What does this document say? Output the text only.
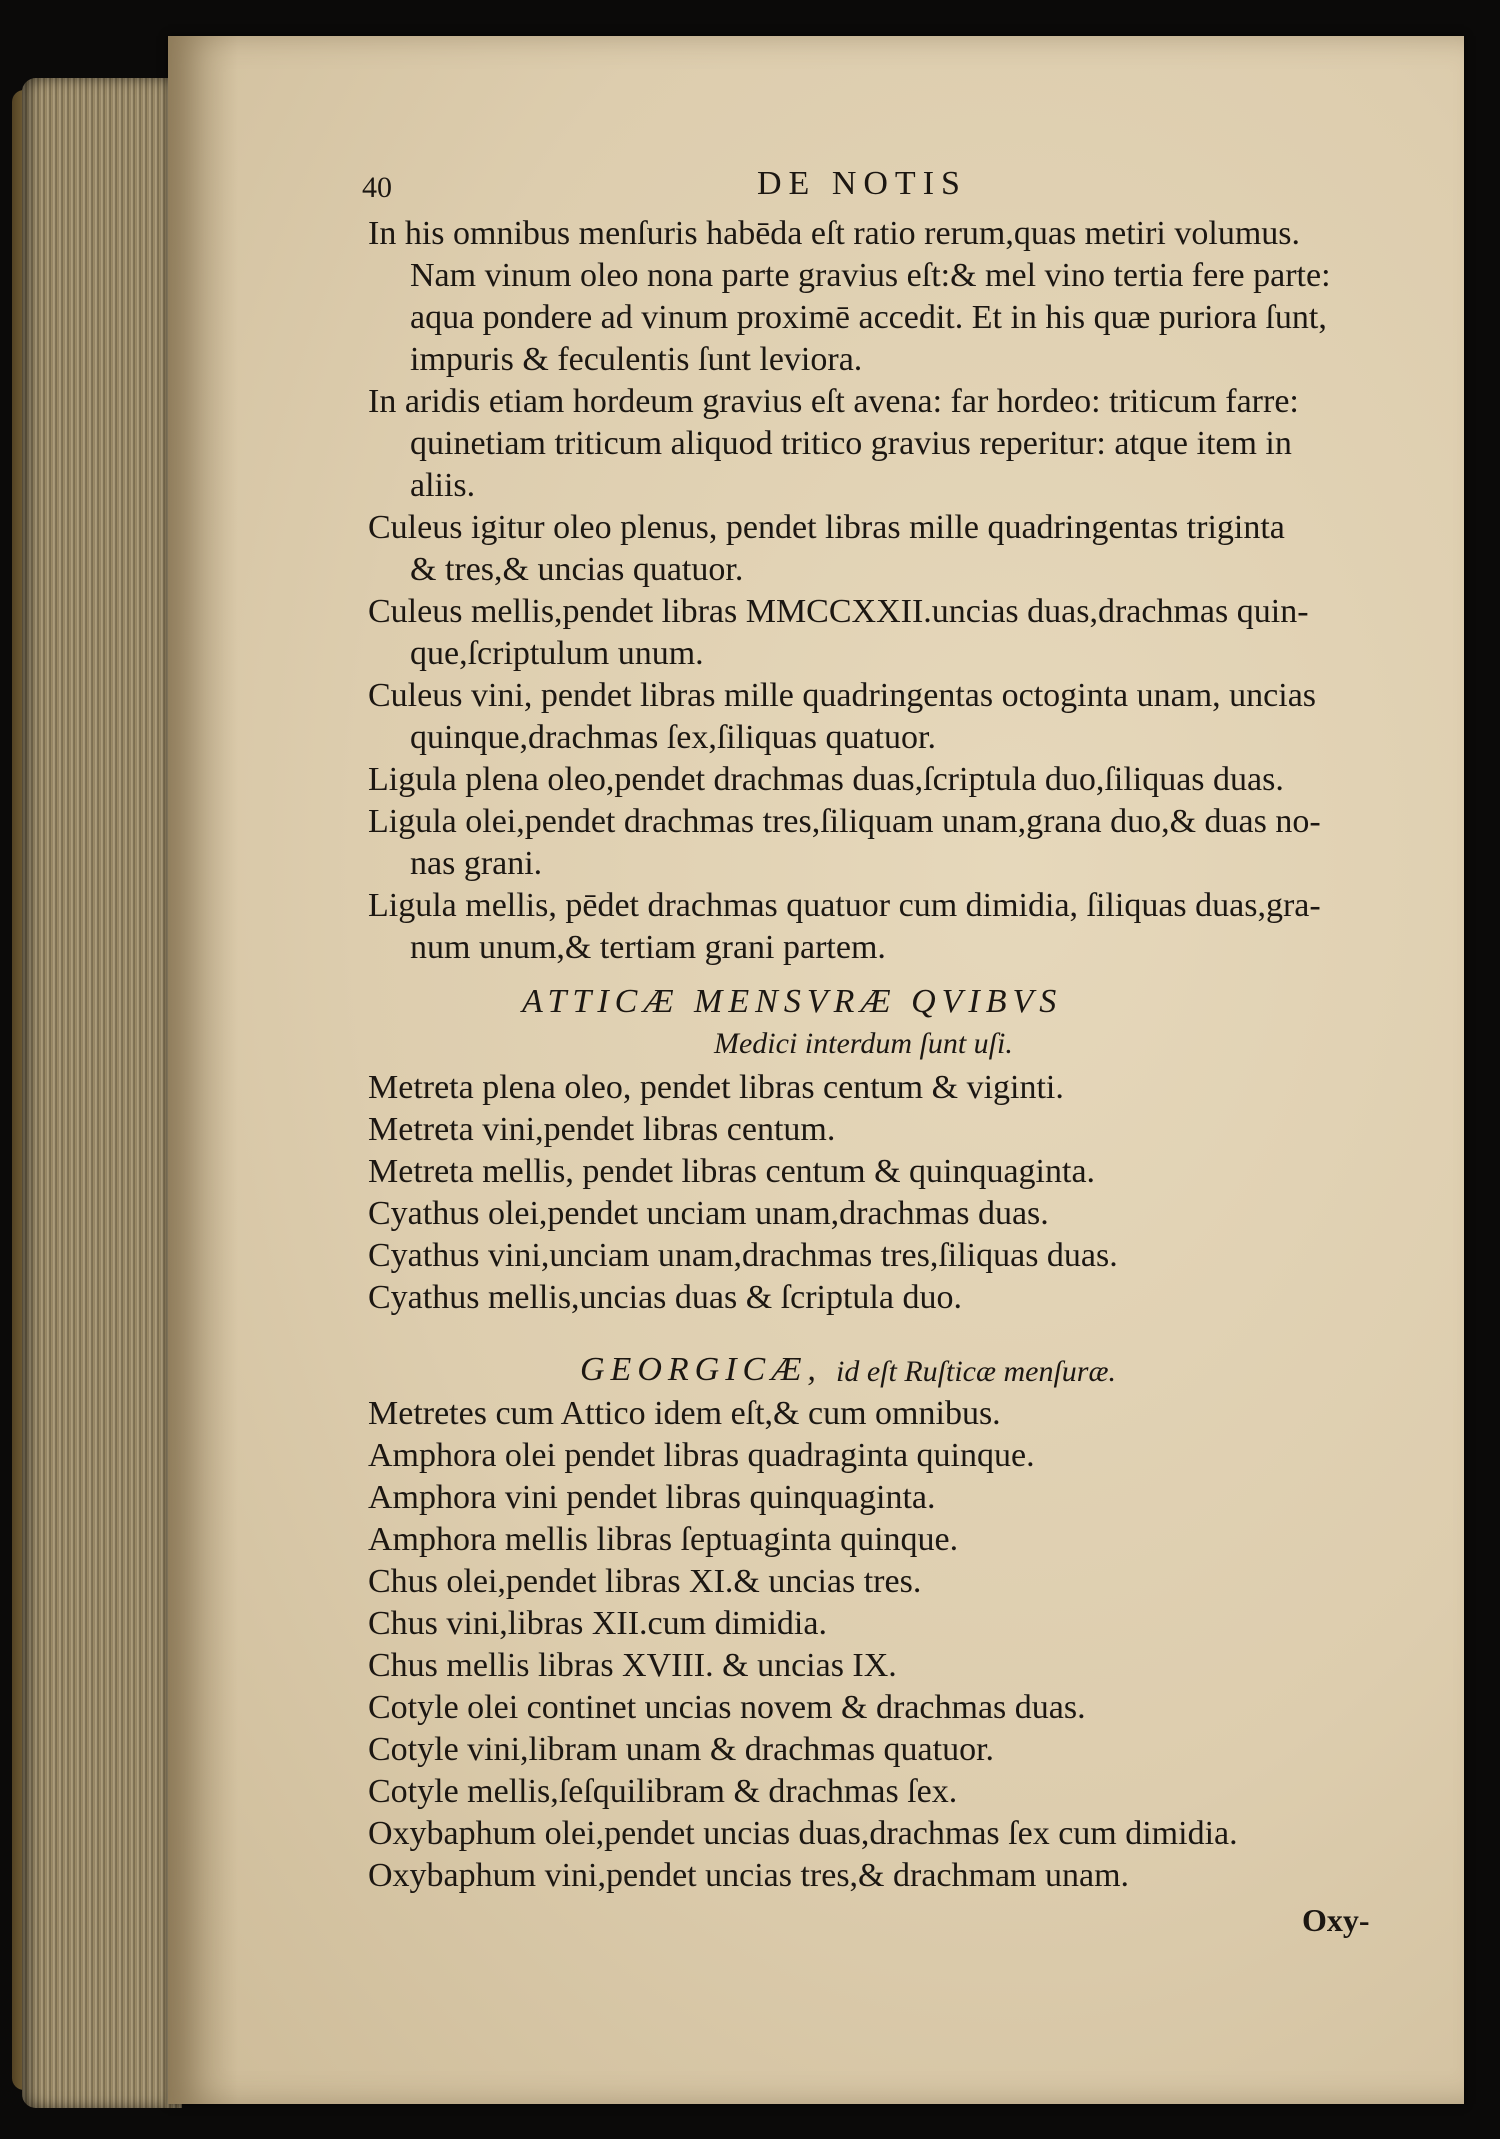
40	DE NOTIS
In his omnibus menſuris habēda eſt ratio rerum,quas metiri volumus.
Nam vinum oleo nona parte gravius eſt:& mel vino tertia fere parte:
aqua pondere ad vinum proximē accedit. Et in his quæ puriora ſunt,
impuris & feculentis ſunt leviora.
In aridis etiam hordeum gravius eſt avena: far hordeo: triticum farre:
quinetiam triticum aliquod tritico gravius reperitur: atque item in
aliis.
Culeus igitur oleo plenus, pendet libras mille quadringentas triginta
& tres,& uncias quatuor.
Culeus mellis,pendet libras MMCCXXII.uncias duas,drachmas quin-
que,ſcriptulum unum.
Culeus vini, pendet libras mille quadringentas octoginta unam, uncias
quinque,drachmas ſex,ſiliquas quatuor.
Ligula plena oleo,pendet drachmas duas,ſcriptula duo,ſiliquas duas.
Ligula olei,pendet drachmas tres,ſiliquam unam,grana duo,& duas no-
nas grani.
Ligula mellis, pēdet drachmas quatuor cum dimidia, ſiliquas duas,gra-
num unum,& tertiam grani partem.
ATTICÆ MENSVRÆ QVIBVS
Medici interdum ſunt uſi.
Metreta plena oleo, pendet libras centum & viginti.
Metreta vini,pendet libras centum.
Metreta mellis, pendet libras centum & quinquaginta.
Cyathus olei,pendet unciam unam,drachmas duas.
Cyathus vini,unciam unam,drachmas tres,ſiliquas duas.
Cyathus mellis,uncias duas & ſcriptula duo.
GEORGICÆ, id eſt Ruſticæ menſuræ.
Metretes cum Attico idem eſt,& cum omnibus.
Amphora olei pendet libras quadraginta quinque.
Amphora vini pendet libras quinquaginta.
Amphora mellis libras ſeptuaginta quinque.
Chus olei,pendet libras XI.& uncias tres.
Chus vini,libras XII.cum dimidia.
Chus mellis libras XVIII. & uncias IX.
Cotyle olei continet uncias novem & drachmas duas.
Cotyle vini,libram unam & drachmas quatuor.
Cotyle mellis,ſeſquilibram & drachmas ſex.
Oxybaphum olei,pendet uncias duas,drachmas ſex cum dimidia.
Oxybaphum vini,pendet uncias tres,& drachmam unam.
Oxy-
